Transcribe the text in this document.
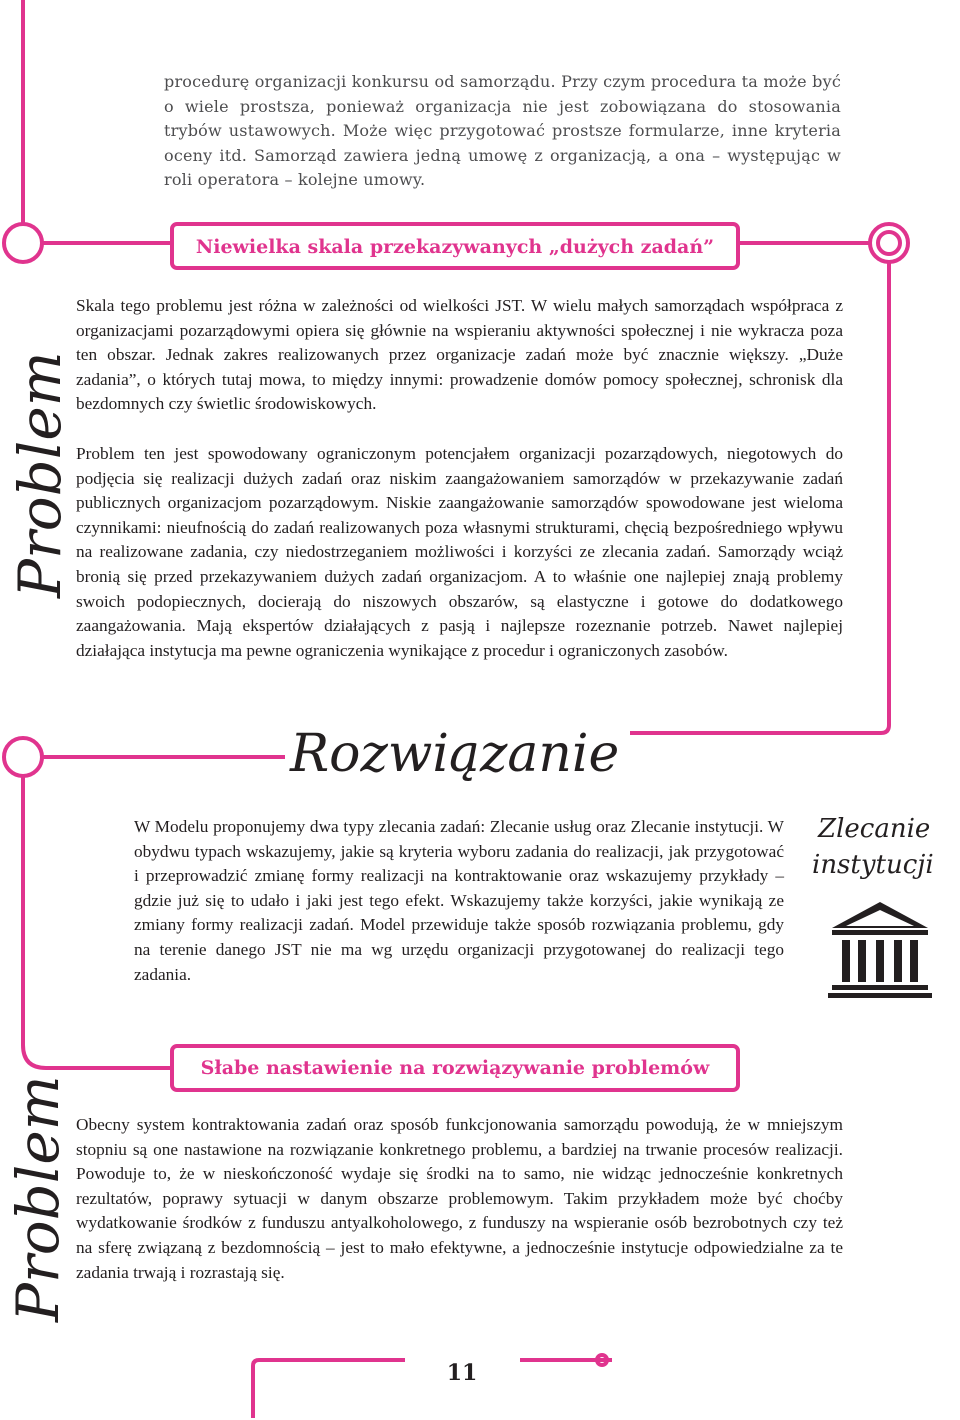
procedurę organizacji konkursu od samorządu. Przy czym procedura ta może być o wiele prostsza, ponieważ organizacja nie jest zobowiązana do stosowania trybów ustawowych. Może więc przygotować prostsze formularze, inne kryteria oceny itd. Samorząd zawiera jedną umowę z organizacją, a ona – występując w roli operatora – kolejne umowy.

Niewielka skala przekazywanych „dużych zadań”
Problem

Skala tego problemu jest różna w zależności od wielkości JST. W wielu małych samorządach współpraca z organizacjami pozarządowymi opiera się głównie na wspieraniu aktywności społecznej i nie wykracza poza ten obszar. Jednak zakres realizowanych przez organizacje zadań może być znacznie większy. „Duże zadania”, o których tutaj mowa, to między innymi: prowadzenie domów pomocy społecznej, schronisk dla bezdomnych czy świetlic środowiskowych.

Problem ten jest spowodowany ograniczonym potencjałem organizacji pozarządowych, niegotowych do podjęcia się realizacji dużych zadań oraz niskim zaangażowaniem samorządów w przekazywanie zadań publicznych organizacjom pozarządowym. Niskie zaangażowanie samorządów spowodowane jest wieloma czynnikami: nieufnością do zadań realizowanych poza własnymi strukturami, chęcią bezpośredniego wpływu na realizowane zadania, czy niedostrzeganiem możliwości i korzyści ze zlecania zadań. Samorządy wciąż bronią się przed przekazywaniem dużych zadań organizacjom. A to właśnie one najlepiej znają problemy swoich podopiecznych, docierają do niszowych obszarów, są elastyczne i gotowe do dodatkowego zaangażowania. Mają ekspertów działających z pasją i najlepsze rozeznanie potrzeb. Nawet najlepiej działająca instytucja ma pewne ograniczenia wynikające z procedur i ograniczonych zasobów.

Rozwiązanie

W Modelu proponujemy dwa typy zlecania zadań: Zlecanie usług oraz Zlecanie instytucji. W obydwu typach wskazujemy, jakie są kryteria wyboru zadania do realizacji, jak przygotować i przeprowadzić zmianę formy realizacji na kontraktowanie oraz wskazujemy przykłady – gdzie już się to udało i jaki jest tego efekt. Wskazujemy także korzyści, jakie wynikają ze zmiany formy realizacji zadań. Model przewiduje także sposób rozwiązania problemu, gdy na terenie danego JST nie ma wg urzędu organizacji przygotowanej do realizacji tego zadania.

Zlecanie
instytucji
Słabe nastawienie na rozwiązywanie problemów
Problem Obecny system kontraktowania zadań oraz sposób funkcjonowania samorządu powodują, że w mniejszym stopniu są one nastawione na rozwiązanie konkretnego problemu, a bardziej na trwanie procesów realizacji. Powoduje to, że w nieskończoność wydaje się środki na to samo, nie widząc jednocześnie konkretnych rezultatów, poprawy sytuacji w danym obszarze problemowym. Takim przykładem może być choćby wydatkowanie środków z funduszu antyalkoholowego, z funduszy na wspieranie osób bezrobotnych czy też na sferę związaną z bezdomnością – jest to mało efektywne, a jednocześnie instytucje odpowiedzialne za te zadania trwają i rozrastają się.

11
